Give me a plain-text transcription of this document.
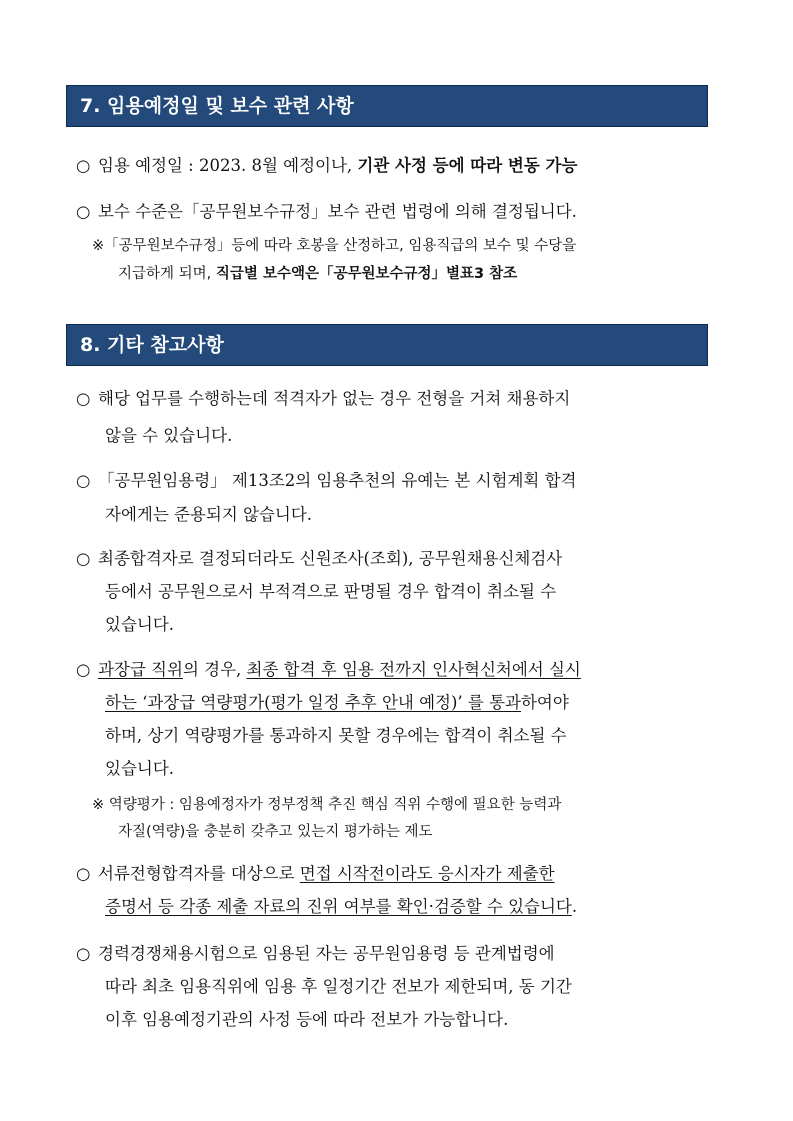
7. 임용예정일 및 보수 관련 사항
○ 임용 예정일 : 2023. 8월 예정이나, 기관 사정 등에 따라 변동 가능
○ 보수 수준은「공무원보수규정」보수 관련 법령에 의해 결정됩니다.
※「공무원보수규정」등에 따라 호봉을 산정하고, 임용직급의 보수 및 수당을
지급하게 되며, 직급별 보수액은「공무원보수규정」별표3 참조
8. 기타 참고사항
○ 해당 업무를 수행하는데 적격자가 없는 경우 전형을 거쳐 채용하지
않을 수 있습니다.
○ 「공무원임용령」 제13조2의 임용추천의 유예는 본 시험계획 합격
자에게는 준용되지 않습니다.
○ 최종합격자로 결정되더라도 신원조사(조회), 공무원채용신체검사
등에서 공무원으로서 부적격으로 판명될 경우 합격이 취소될 수
있습니다.
○ 과장급 직위의 경우, 최종 합격 후 임용 전까지 인사혁신처에서 실시
하는 ‘과장급 역량평가(평가 일정 추후 안내 예정)’ 를 통과하여야
하며, 상기 역량평가를 통과하지 못할 경우에는 합격이 취소될 수
있습니다.
※ 역량평가 : 임용예정자가 정부정책 추진 핵심 직위 수행에 필요한 능력과
자질(역량)을 충분히 갖추고 있는지 평가하는 제도
○ 서류전형합격자를 대상으로 면접 시작전이라도 응시자가 제출한
증명서 등 각종 제출 자료의 진위 여부를 확인·검증할 수 있습니다.
○ 경력경쟁채용시험으로 임용된 자는 공무원임용령 등 관계법령에
따라 최초 임용직위에 임용 후 일정기간 전보가 제한되며, 동 기간
이후 임용예정기관의 사정 등에 따라 전보가 가능합니다.
